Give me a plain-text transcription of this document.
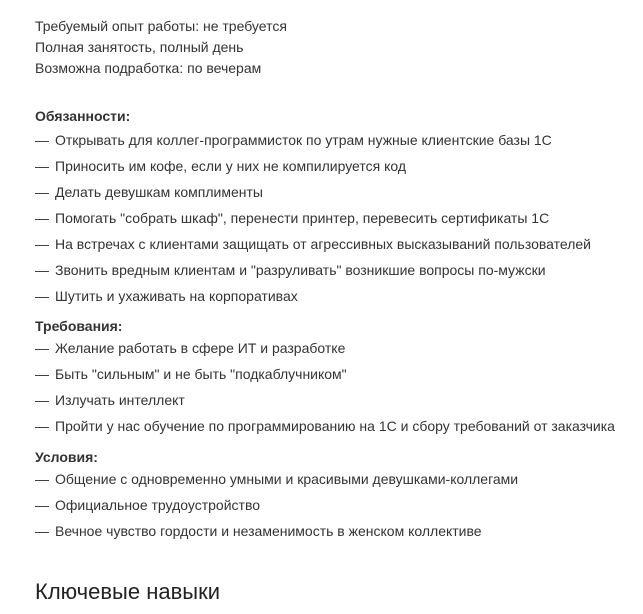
Требуемый опыт работы: не требуется

Полная занятость, полный день

Возможна подработка: по вечерам

Обязанности:

— Открывать для коллег-программисток по утрам нужные клиентские базы 1С
— Приносить им кофе, если у них не компилируется код
— Делать девушкам комплименты
— Помогать "собрать шкаф", перенести принтер, перевесить сертификаты 1С
— На встречах с клиентами защищать от агрессивных высказываний пользователей
— Звонить вредным клиентам и "разруливать" возникшие вопросы по-мужски
— Шутить и ухаживать на корпоративах

Требования:

— Желание работать в сфере ИТ и разработке
— Быть "сильным" и не быть "подкаблучником"
— Излучать интеллект
— Пройти у нас обучение по программированию на 1С и сбору требований от заказчика

Условия:

— Общение с одновременно умными и красивыми девушками-коллегами
— Официальное трудоустройство
— Вечное чувство гордости и незаменимость в женском коллективе
Ключевые навыки
